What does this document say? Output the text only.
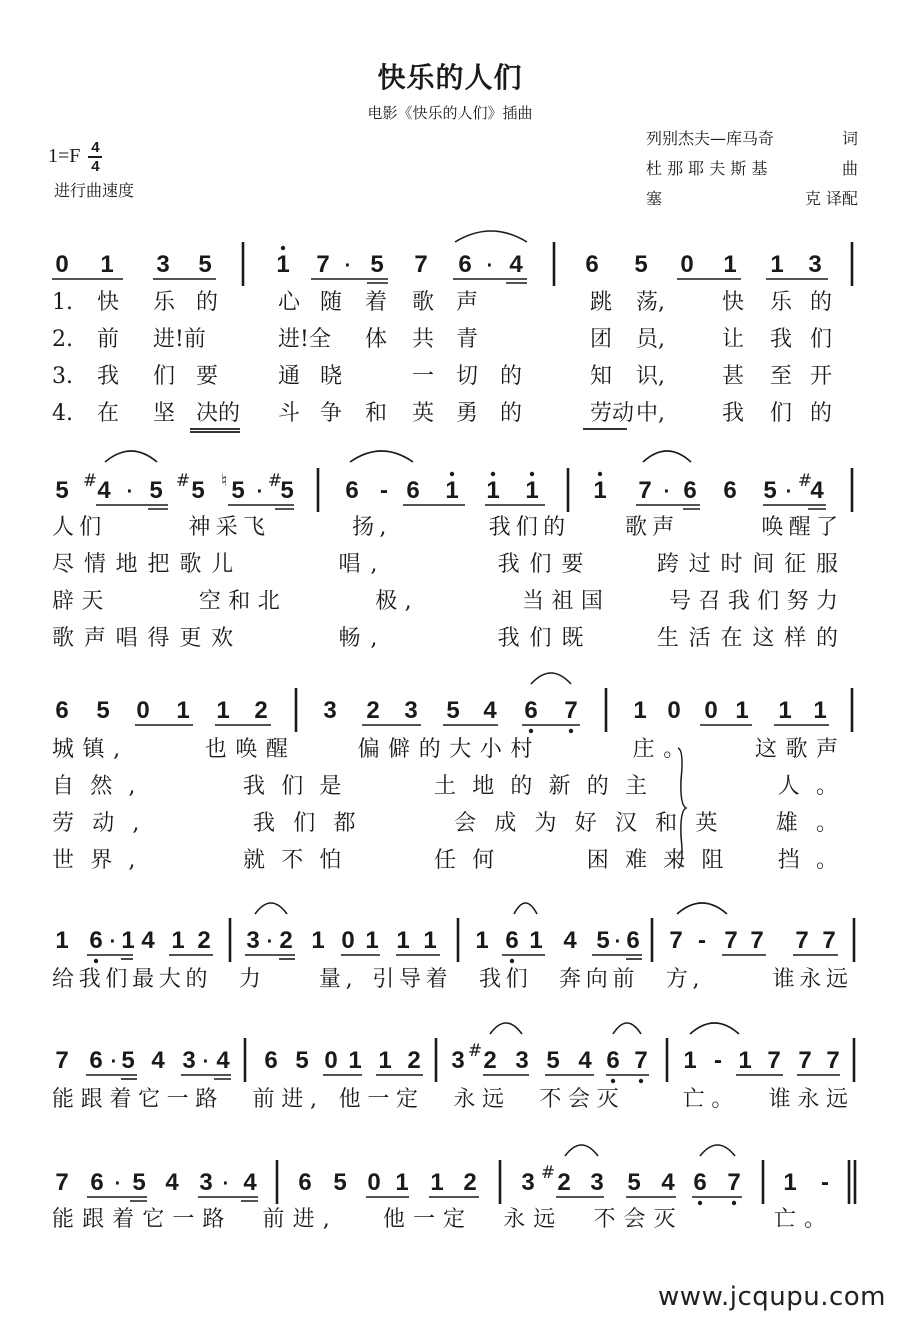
快乐的人们
电影《快乐的人们》插曲
$1=F \frac{4}{4}$
进行曲速度
列别杰夫—库马奇	词
杜 那 耶 夫 斯 基	曲
塞	克 译配
0 1 3 5	1 7 · 5 7 6 · 4	6 5 0 1 1 3
5 # 4 · 5 # 5 ♮ 5 · #
5 6 - 6 1 1 1 1 7 · 6 6 5 · #
4
6 5 0 1 1 2 3 2 3 5 4 6 7 1 0 0 1 1 1
1 6 · 1 4 1 2 3 · 2 1 0 1 1 1 1 6 1 4 5 · 6 7 - 7 7 7 7
7 6 · 5 4 3 · 4 6 5 0 1 1 2 3 # 2 3 5 4 6 7 1 - 1 7 7 7
7 6 · 5 4 3 · 4 6 5 0 1 1 2 3 # 2 3 5 4 6 7 1 -
1. 快 乐 的	心 随 着 歌 声	跳 荡,	快 乐 的
2. 前 进!前	进!全 体 共 青	团 员,	让 我 们
3. 我 们 要	通 晓	一 切 的	知 识,	甚 至 开
4. 在 坚 决的 斗 争 和 英 勇 的	劳动 中,	我 们 的
人 们	神 采 飞	扬 ,	我 们 的	歌 声	唤 醒 了
尽 情 地 把 歌 儿	唱 ,	我 们 要	跨 过 时 间 征 服
辟 天	空 和 北	极 ,	当 祖 国	号 召 我 们 努 力
歌 声 唱 得 更 欢	畅 ,	我 们 既	生 活 在 这 样 的
城 镇 ,	也 唤 醒	偏 僻 的 大 小 村	庄 。	这 歌 声
自 然 ,	我 们 是	土 地 的 新 的 主	人 。
劳 动 ,	我 们 都	会 成 为 好 汉 和 英	雄 。
世 界 ,	就 不 怕	任 何	困 难 来 阻 挡 。
给 我 们 最 大 的 力	量 , 引 导 着 我 们 奔 向 前 方 ,	谁 永 远
能 跟 着 它 一 路 前 进 , 他 一 定 永 远 不 会 灭	亡 。 谁 永 远
能 跟 着 它 一 路 前 进 , 他 一 定 永 远 不 会 灭	亡 。
www.jcqupu.com
